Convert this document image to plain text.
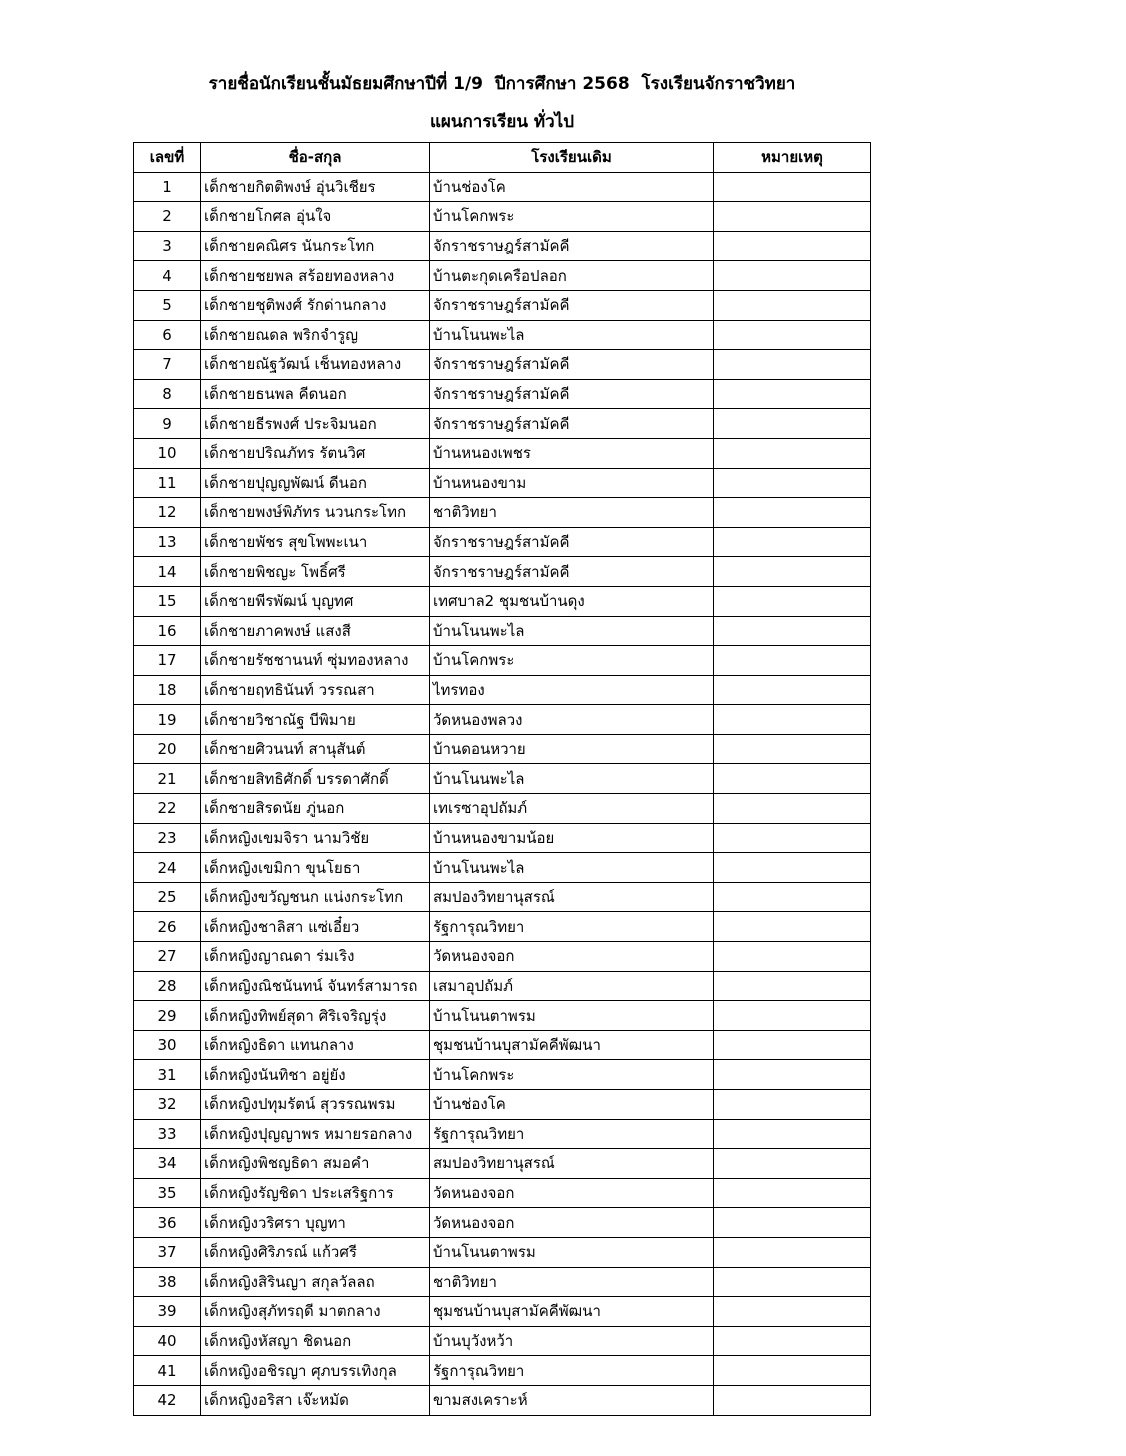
รายชื่อนักเรียนชั้นมัธยมศึกษาปีที่ 1/9  ปีการศึกษา 2568  โรงเรียนจักราชวิทยา
แผนการเรียน ทั่วไป
เลขที่	ชื่อ-สกุล	โรงเรียนเดิม	หมายเหตุ
1	เด็กชายกิตติพงษ์ อุ่นวิเชียร	บ้านช่องโค	
2	เด็กชายโกศล อุ่นใจ	บ้านโคกพระ	
3	เด็กชายคณิศร นันกระโทก	จักราชราษฎร์สามัคคี	
4	เด็กชายชยพล สร้อยทองหลาง	บ้านตะกุดเครือปลอก	
5	เด็กชายชุติพงศ์ รักด่านกลาง	จักราชราษฎร์สามัคคี	
6	เด็กชายณดล พริกจำรูญ	บ้านโนนพะไล	
7	เด็กชายณัฐวัฒน์ เช็นทองหลาง	จักราชราษฎร์สามัคคี	
8	เด็กชายธนพล คีดนอก	จักราชราษฎร์สามัคคี	
9	เด็กชายธีรพงศ์ ประจิมนอก	จักราชราษฎร์สามัคคี	
10	เด็กชายปริณภัทร รัตนวิศ	บ้านหนองเพชร	
11	เด็กชายปุญญพัฒน์ ดีนอก	บ้านหนองขาม	
12	เด็กชายพงษ์พิภัทร นวนกระโทก	ชาติวิทยา	
13	เด็กชายพัชร สุขโพพะเนา	จักราชราษฎร์สามัคคี	
14	เด็กชายพิชญะ โพธิ์ศรี	จักราชราษฎร์สามัคคี	
15	เด็กชายพีรพัฒน์ บุญทศ	เทศบาล2 ชุมชนบ้านดุง	
16	เด็กชายภาคพงษ์ แสงสี	บ้านโนนพะไล	
17	เด็กชายรัชชานนท์ ซุ่มทองหลาง	บ้านโคกพระ	
18	เด็กชายฤทธินันท์ วรรณสา	ไทรทอง	
19	เด็กชายวิชาณัฐ บีพิมาย	วัดหนองพลวง	
20	เด็กชายศิวนนท์ สานุสันต์	บ้านดอนหวาย	
21	เด็กชายสิทธิศักดิ์ บรรดาศักดิ์	บ้านโนนพะไล	
22	เด็กชายสิรดนัย ภู่นอก	เทเรซาอุปถัมภ์	
23	เด็กหญิงเขมจิรา นามวิชัย	บ้านหนองขามน้อย	
24	เด็กหญิงเขมิกา ขุนโยธา	บ้านโนนพะไล	
25	เด็กหญิงขวัญชนก แน่งกระโทก	สมปองวิทยานุสรณ์	
26	เด็กหญิงชาลิสา แซ่เอี๋ยว	รัฐการุณวิทยา	
27	เด็กหญิงญาณดา ร่มเริง	วัดหนองจอก	
28	เด็กหญิงณิชนันทน์ จันทร์สามารถ	เสมาอุปถัมภ์	
29	เด็กหญิงทิพย์สุดา ศิริเจริญรุ่ง	บ้านโนนตาพรม	
30	เด็กหญิงธิดา แทนกลาง	ชุมชนบ้านบุสามัคคีพัฒนา	
31	เด็กหญิงนันทิชา อยู่ยัง	บ้านโคกพระ	
32	เด็กหญิงปทุมรัตน์ สุวรรณพรม	บ้านช่องโค	
33	เด็กหญิงปุญญาพร หมายรอกลาง	รัฐการุณวิทยา	
34	เด็กหญิงพิชญธิดา สมอคำ	สมปองวิทยานุสรณ์	
35	เด็กหญิงรัญชิดา ประเสริฐการ	วัดหนองจอก	
36	เด็กหญิงวริศรา บุญทา	วัดหนองจอก	
37	เด็กหญิงศิริภรณ์ แก้วศรี	บ้านโนนตาพรม	
38	เด็กหญิงสิรินญา สกุลวัลลถ	ชาติวิทยา	
39	เด็กหญิงสุภัทรฤดี มาตกลาง	ชุมชนบ้านบุสามัคคีพัฒนา	
40	เด็กหญิงหัสญา ชิดนอก	บ้านบุวังหว้า	
41	เด็กหญิงอชิรญา ศุภบรรเทิงกุล	รัฐการุณวิทยา	
42	เด็กหญิงอริสา เจ๊ะหมัด	ขามสงเคราะห์	
